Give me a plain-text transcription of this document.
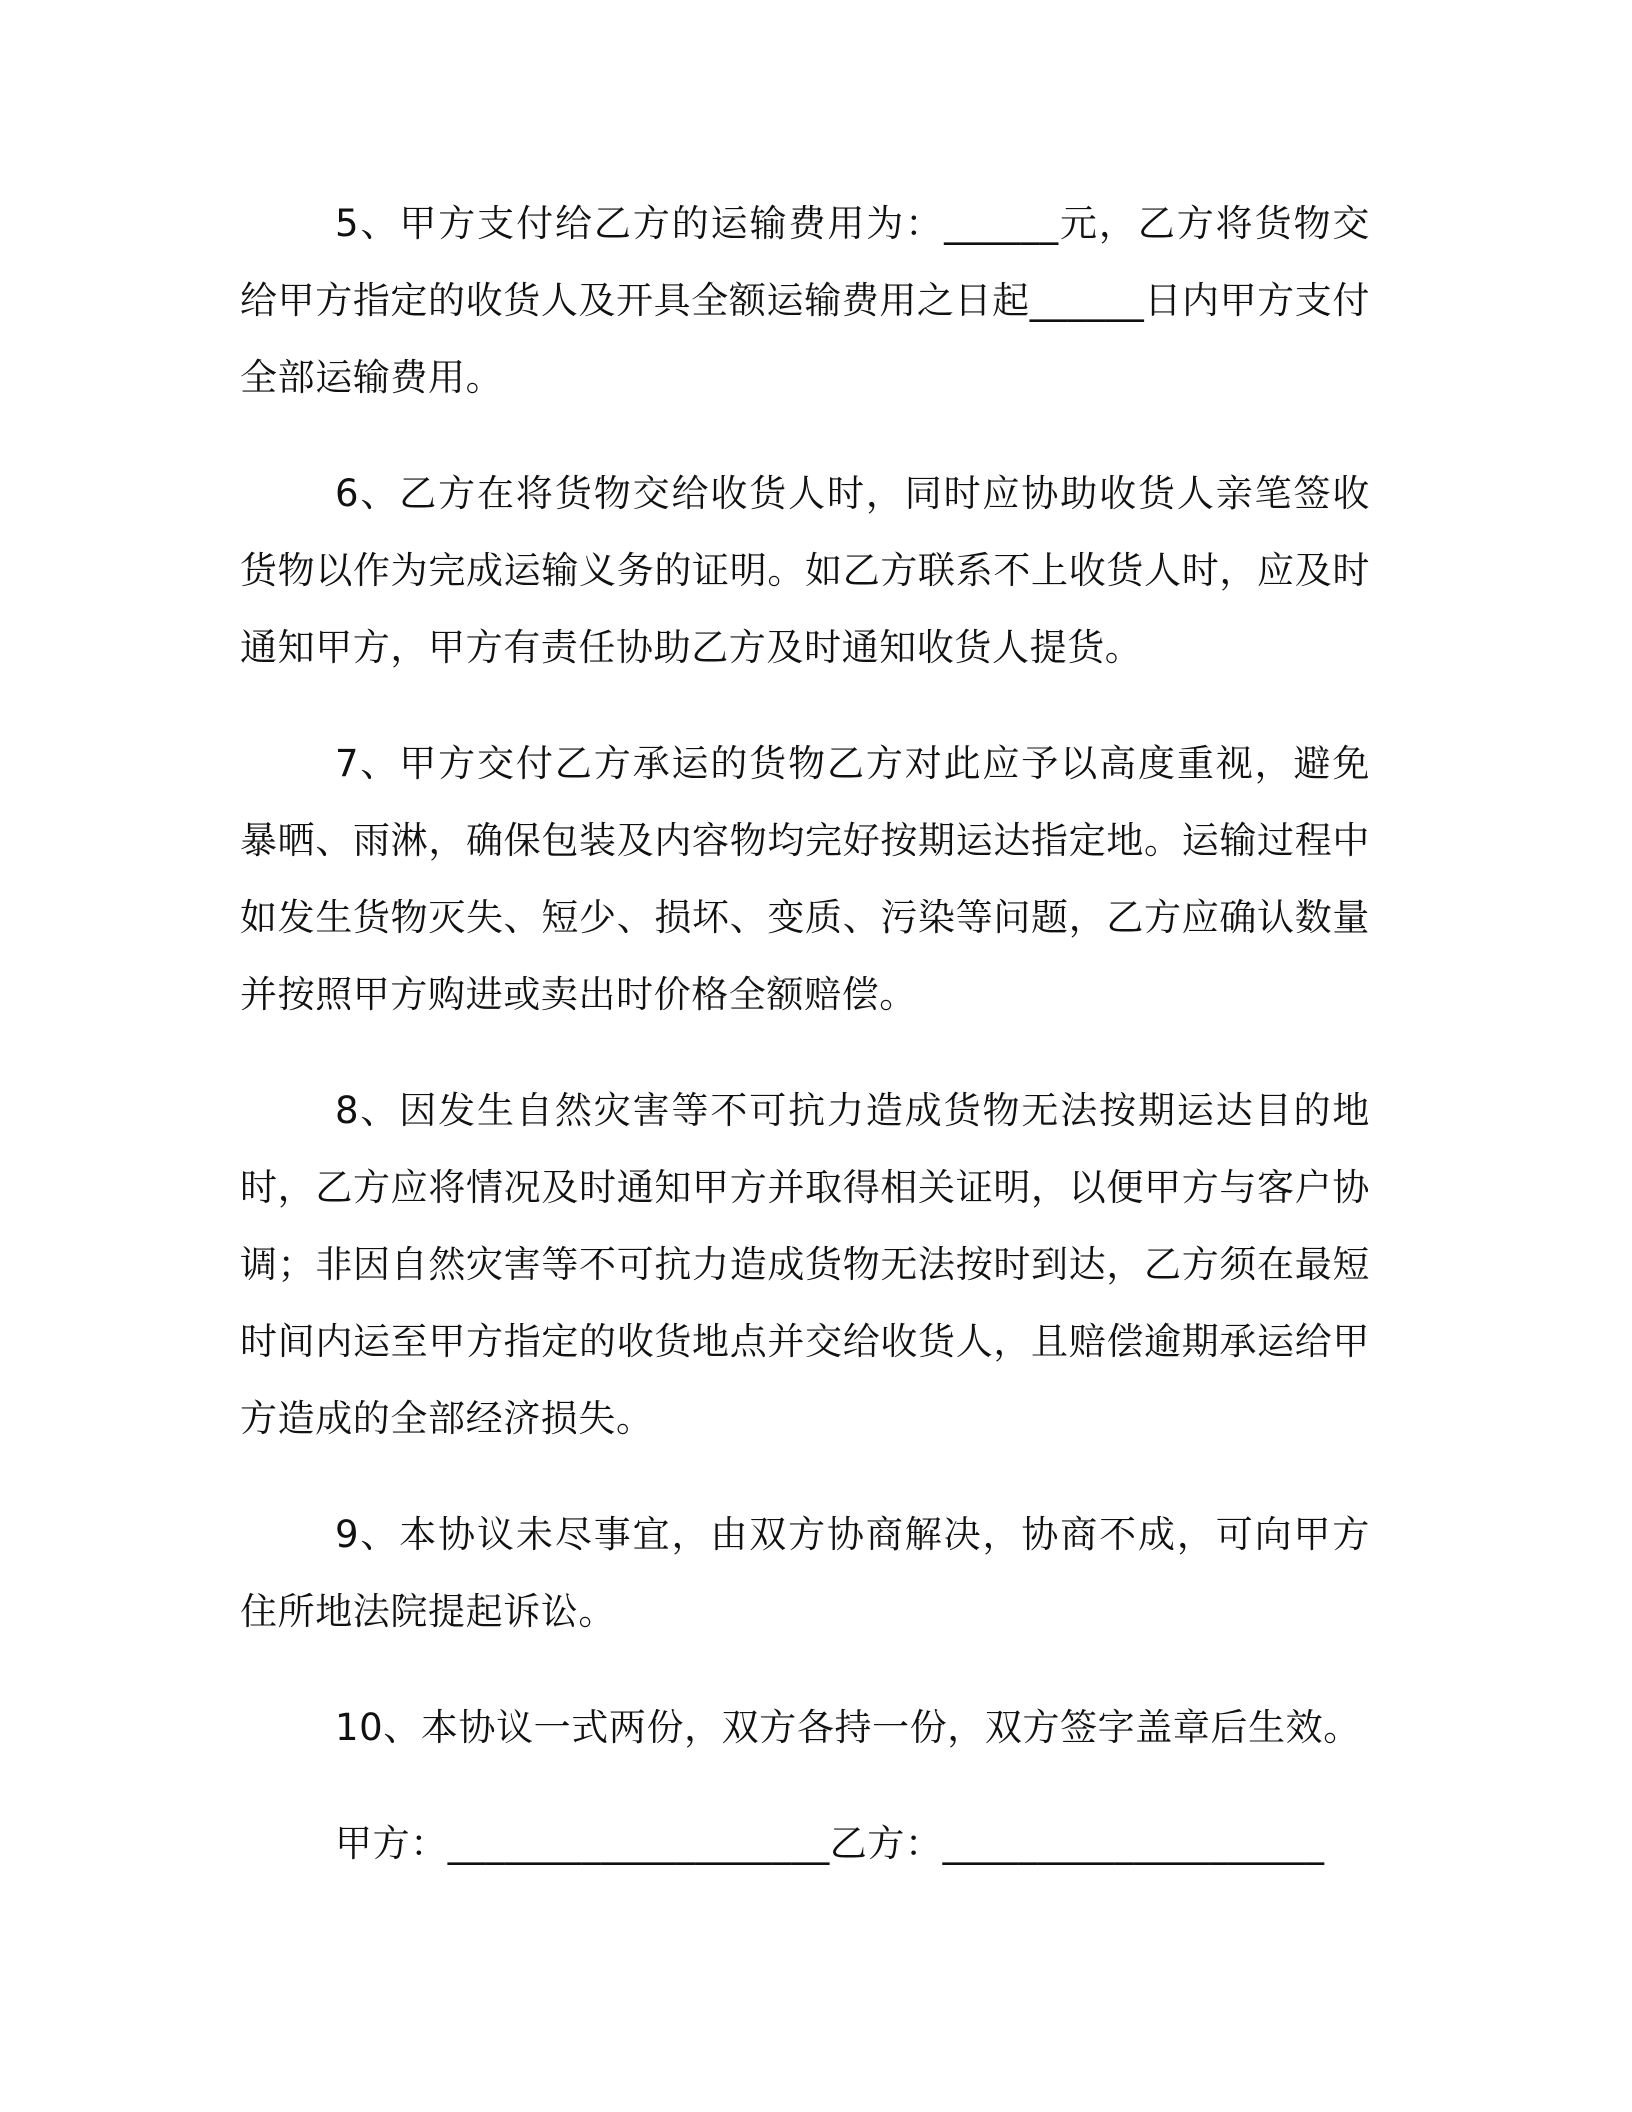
5、甲方支付给乙方的运输费用为：______元，乙方将货物交给甲方指定的收货人及开具全额运输费用之日起______日内甲方支付全部运输费用。

6、乙方在将货物交给收货人时，同时应协助收货人亲笔签收货物以作为完成运输义务的证明。如乙方联系不上收货人时，应及时通知甲方，甲方有责任协助乙方及时通知收货人提货。

7、甲方交付乙方承运的货物乙方对此应予以高度重视，避免暴晒、雨淋，确保包装及内容物均完好按期运达指定地。运输过程中如发生货物灭失、短少、损坏、变质、污染等问题，乙方应确认数量并按照甲方购进或卖出时价格全额赔偿。

8、因发生自然灾害等不可抗力造成货物无法按期运达目的地时，乙方应将情况及时通知甲方并取得相关证明，以便甲方与客户协调；非因自然灾害等不可抗力造成货物无法按时到达，乙方须在最短时间内运至甲方指定的收货地点并交给收货人，且赔偿逾期承运给甲方造成的全部经济损失。

9、本协议未尽事宜，由双方协商解决，协商不成，可向甲方住所地法院提起诉讼。

10、本协议一式两份，双方各持一份，双方签字盖章后生效。

甲方：____________________乙方：____________________
